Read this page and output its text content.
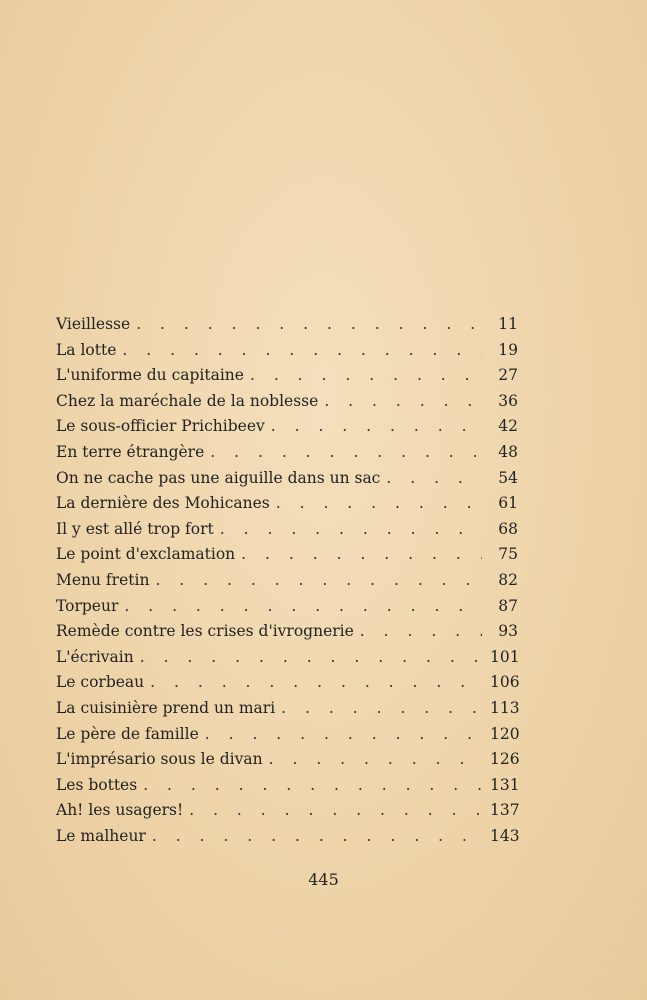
Vieillesse . . .	11
La lotte . . .	19
L'uniforme du capitaine . . .	27
Chez la maréchale de la noblesse . . .	36
Le sous-officier Prichibeev . . .	42
En terre étrangère . . .	48
On ne cache pas une aiguille dans un sac . . .	54
La dernière des Mohicanes . . .	61
Il y est allé trop fort . . .	68
Le point d'exclamation . . .	75
Menu fretin . . .	82
Torpeur . . .	87
Remède contre les crises d'ivrognerie . . .	93
L'écrivain . . .	101
Le corbeau . . .	106
La cuisinière prend un mari . . .	113
Le père de famille . . .	120
L'imprésario sous le divan . . .	126
Les bottes . . .	131
Ah! les usagers! . . .	137
Le malheur . . .	143
445
